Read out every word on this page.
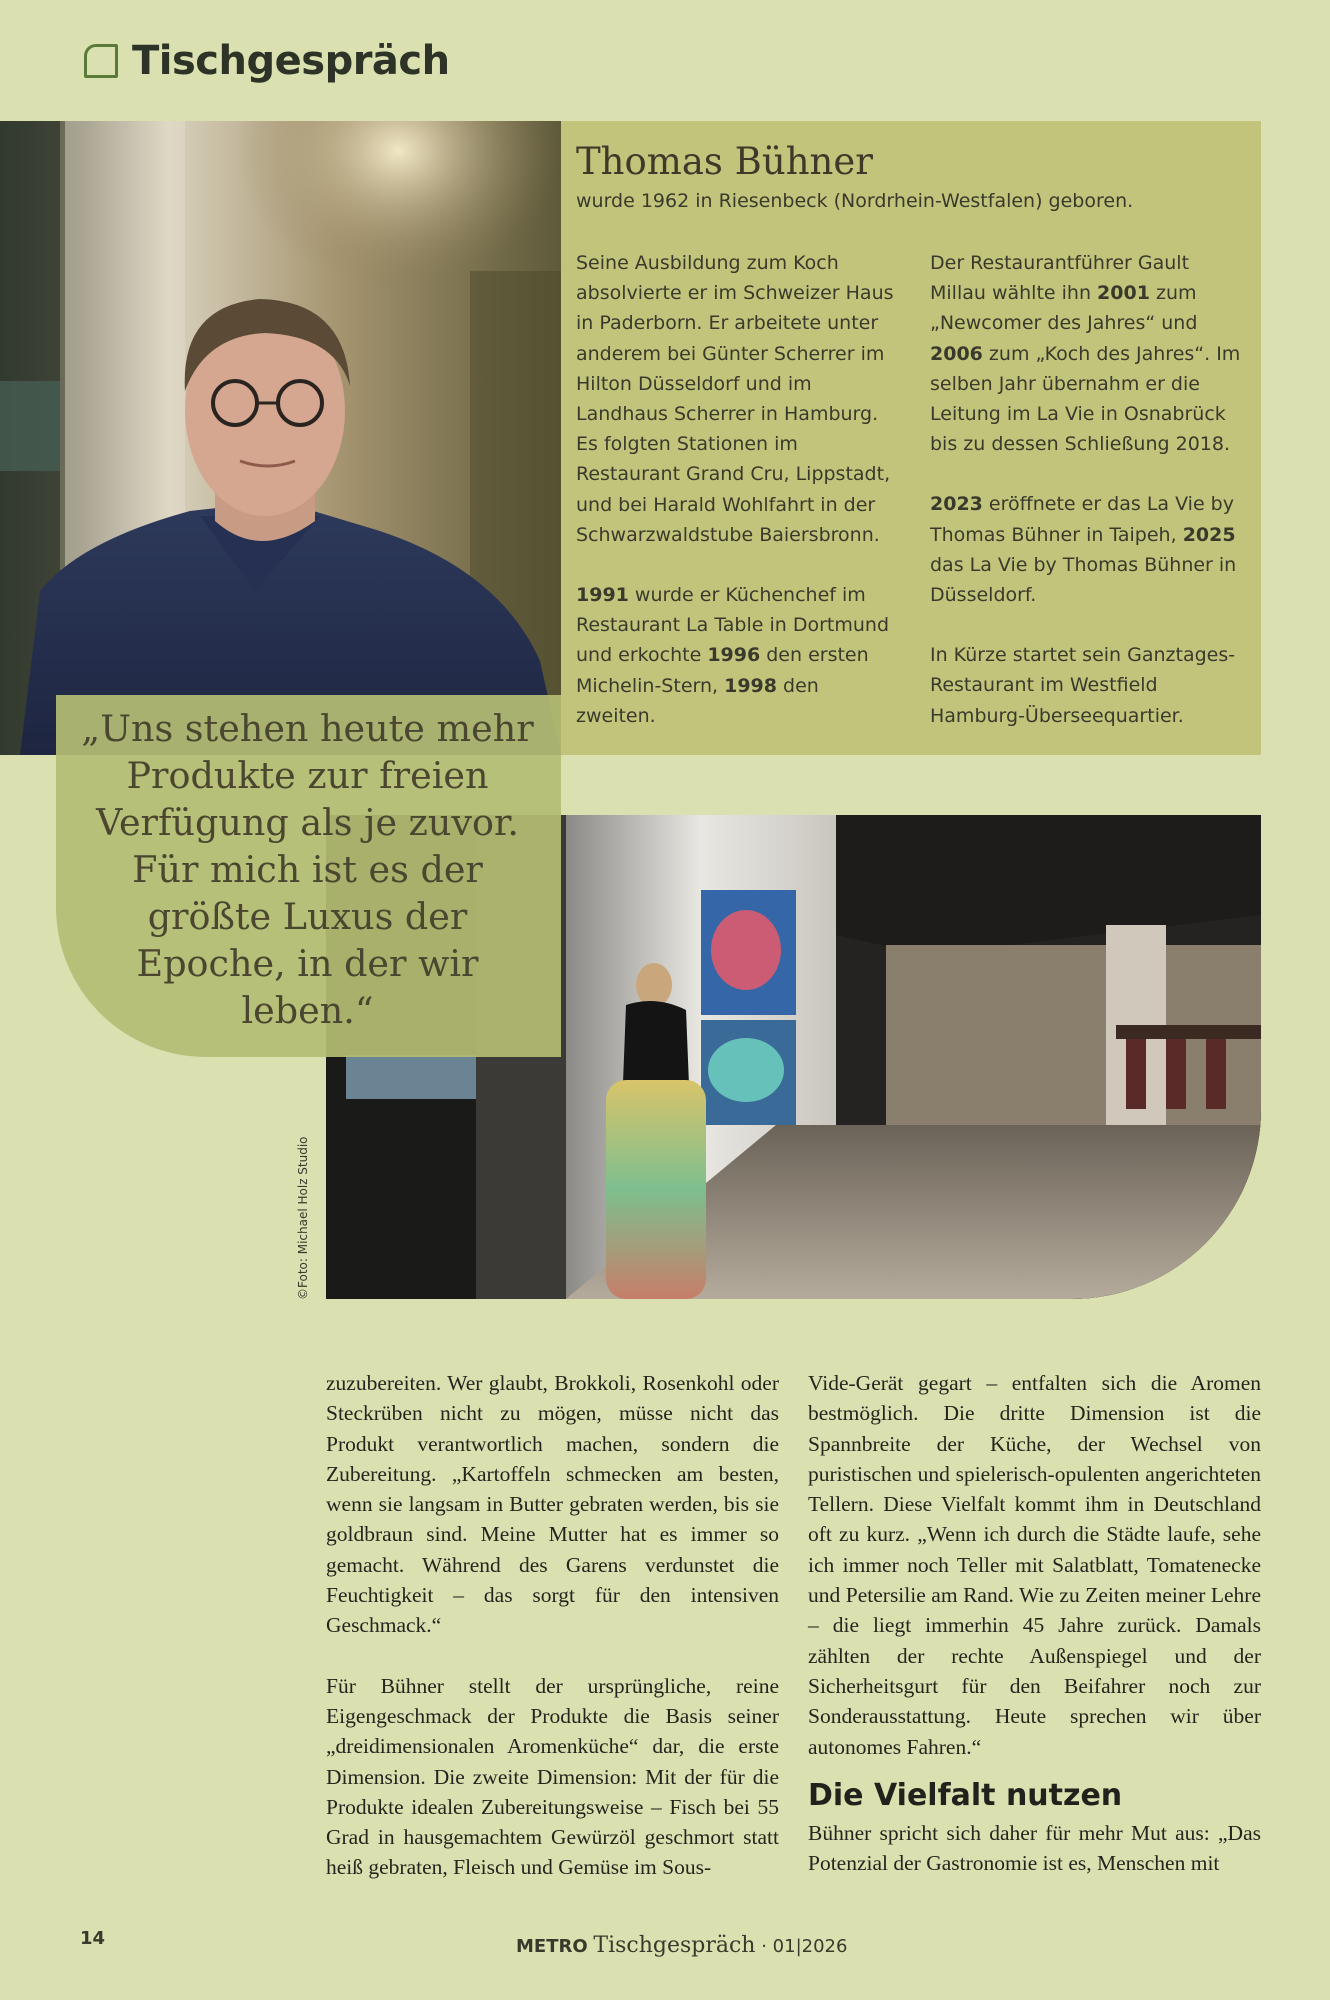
Tischgespräch
Thomas Bühner
wurde 1962 in Riesenbeck (Nordrhein-Westfalen) geboren.

Seine Ausbildung zum Koch absolvierte er im Schweizer Haus in Paderborn. Er arbeitete unter anderem bei Günter Scherrer im Hilton Düsseldorf und im Landhaus Scherrer in Hamburg. Es folgten Stationen im Restaurant Grand Cru, Lippstadt, und bei Harald Wohlfahrt in der Schwarzwaldstube Baiersbronn.

1991 wurde er Küchenchef im Restaurant La Table in Dortmund und erkochte 1996 den ersten Michelin-Stern, 1998 den zweiten.

Der Restaurantführer Gault Millau wählte ihn 2001 zum „Newcomer des Jahres“ und 2006 zum „Koch des Jahres“. Im selben Jahr übernahm er die Leitung im La Vie in Osnabrück bis zu dessen Schließung 2018.

2023 eröffnete er das La Vie by Thomas Bühner in Taipeh, 2025 das La Vie by Thomas Bühner in Düsseldorf.

In Kürze startet sein Ganztages-Restaurant im Westfield Hamburg-Überseequartier.

„Uns stehen heute mehr Produkte zur freien Verfügung als je zuvor. Für mich ist es der größte Luxus der Epoche, in der wir leben.“
©Foto: Michael Holz Studio

zuzubereiten. Wer glaubt, Brokkoli, Rosenkohl oder Steckrüben nicht zu mögen, müsse nicht das Produkt verantwortlich machen, sondern die Zubereitung. „Kartoffeln schmecken am besten, wenn sie langsam in Butter gebraten werden, bis sie goldbraun sind. Meine Mutter hat es immer so gemacht. Während des Garens verdunstet die Feuchtigkeit – das sorgt für den intensiven Geschmack.“

Für Bühner stellt der ursprüngliche, reine Eigengeschmack der Produkte die Basis seiner „dreidimensionalen Aromenküche“ dar, die erste Dimension. Die zweite Dimension: Mit der für die Produkte idealen Zubereitungsweise – Fisch bei 55 Grad in hausgemachtem Gewürzöl geschmort statt heiß gebraten, Fleisch und Gemüse im Sous-

Vide-Gerät gegart – entfalten sich die Aromen bestmöglich. Die dritte Dimension ist die Spannbreite der Küche, der Wechsel von puristischen und spielerisch-opulenten angerichteten Tellern. Diese Vielfalt kommt ihm in Deutschland oft zu kurz. „Wenn ich durch die Städte laufe, sehe ich immer noch Teller mit Salatblatt, Tomatenecke und Petersilie am Rand. Wie zu Zeiten meiner Lehre – die liegt immerhin 45 Jahre zurück. Damals zählten der rechte Außenspiegel und der Sicherheitsgurt für den Beifahrer noch zur Sonderausstattung. Heute sprechen wir über autonomes Fahren.“

Die Vielfalt nutzen

Bühner spricht sich daher für mehr Mut aus: „Das Potenzial der Gastronomie ist es, Menschen mit

14	METRO Tischgespräch · 01|2026
